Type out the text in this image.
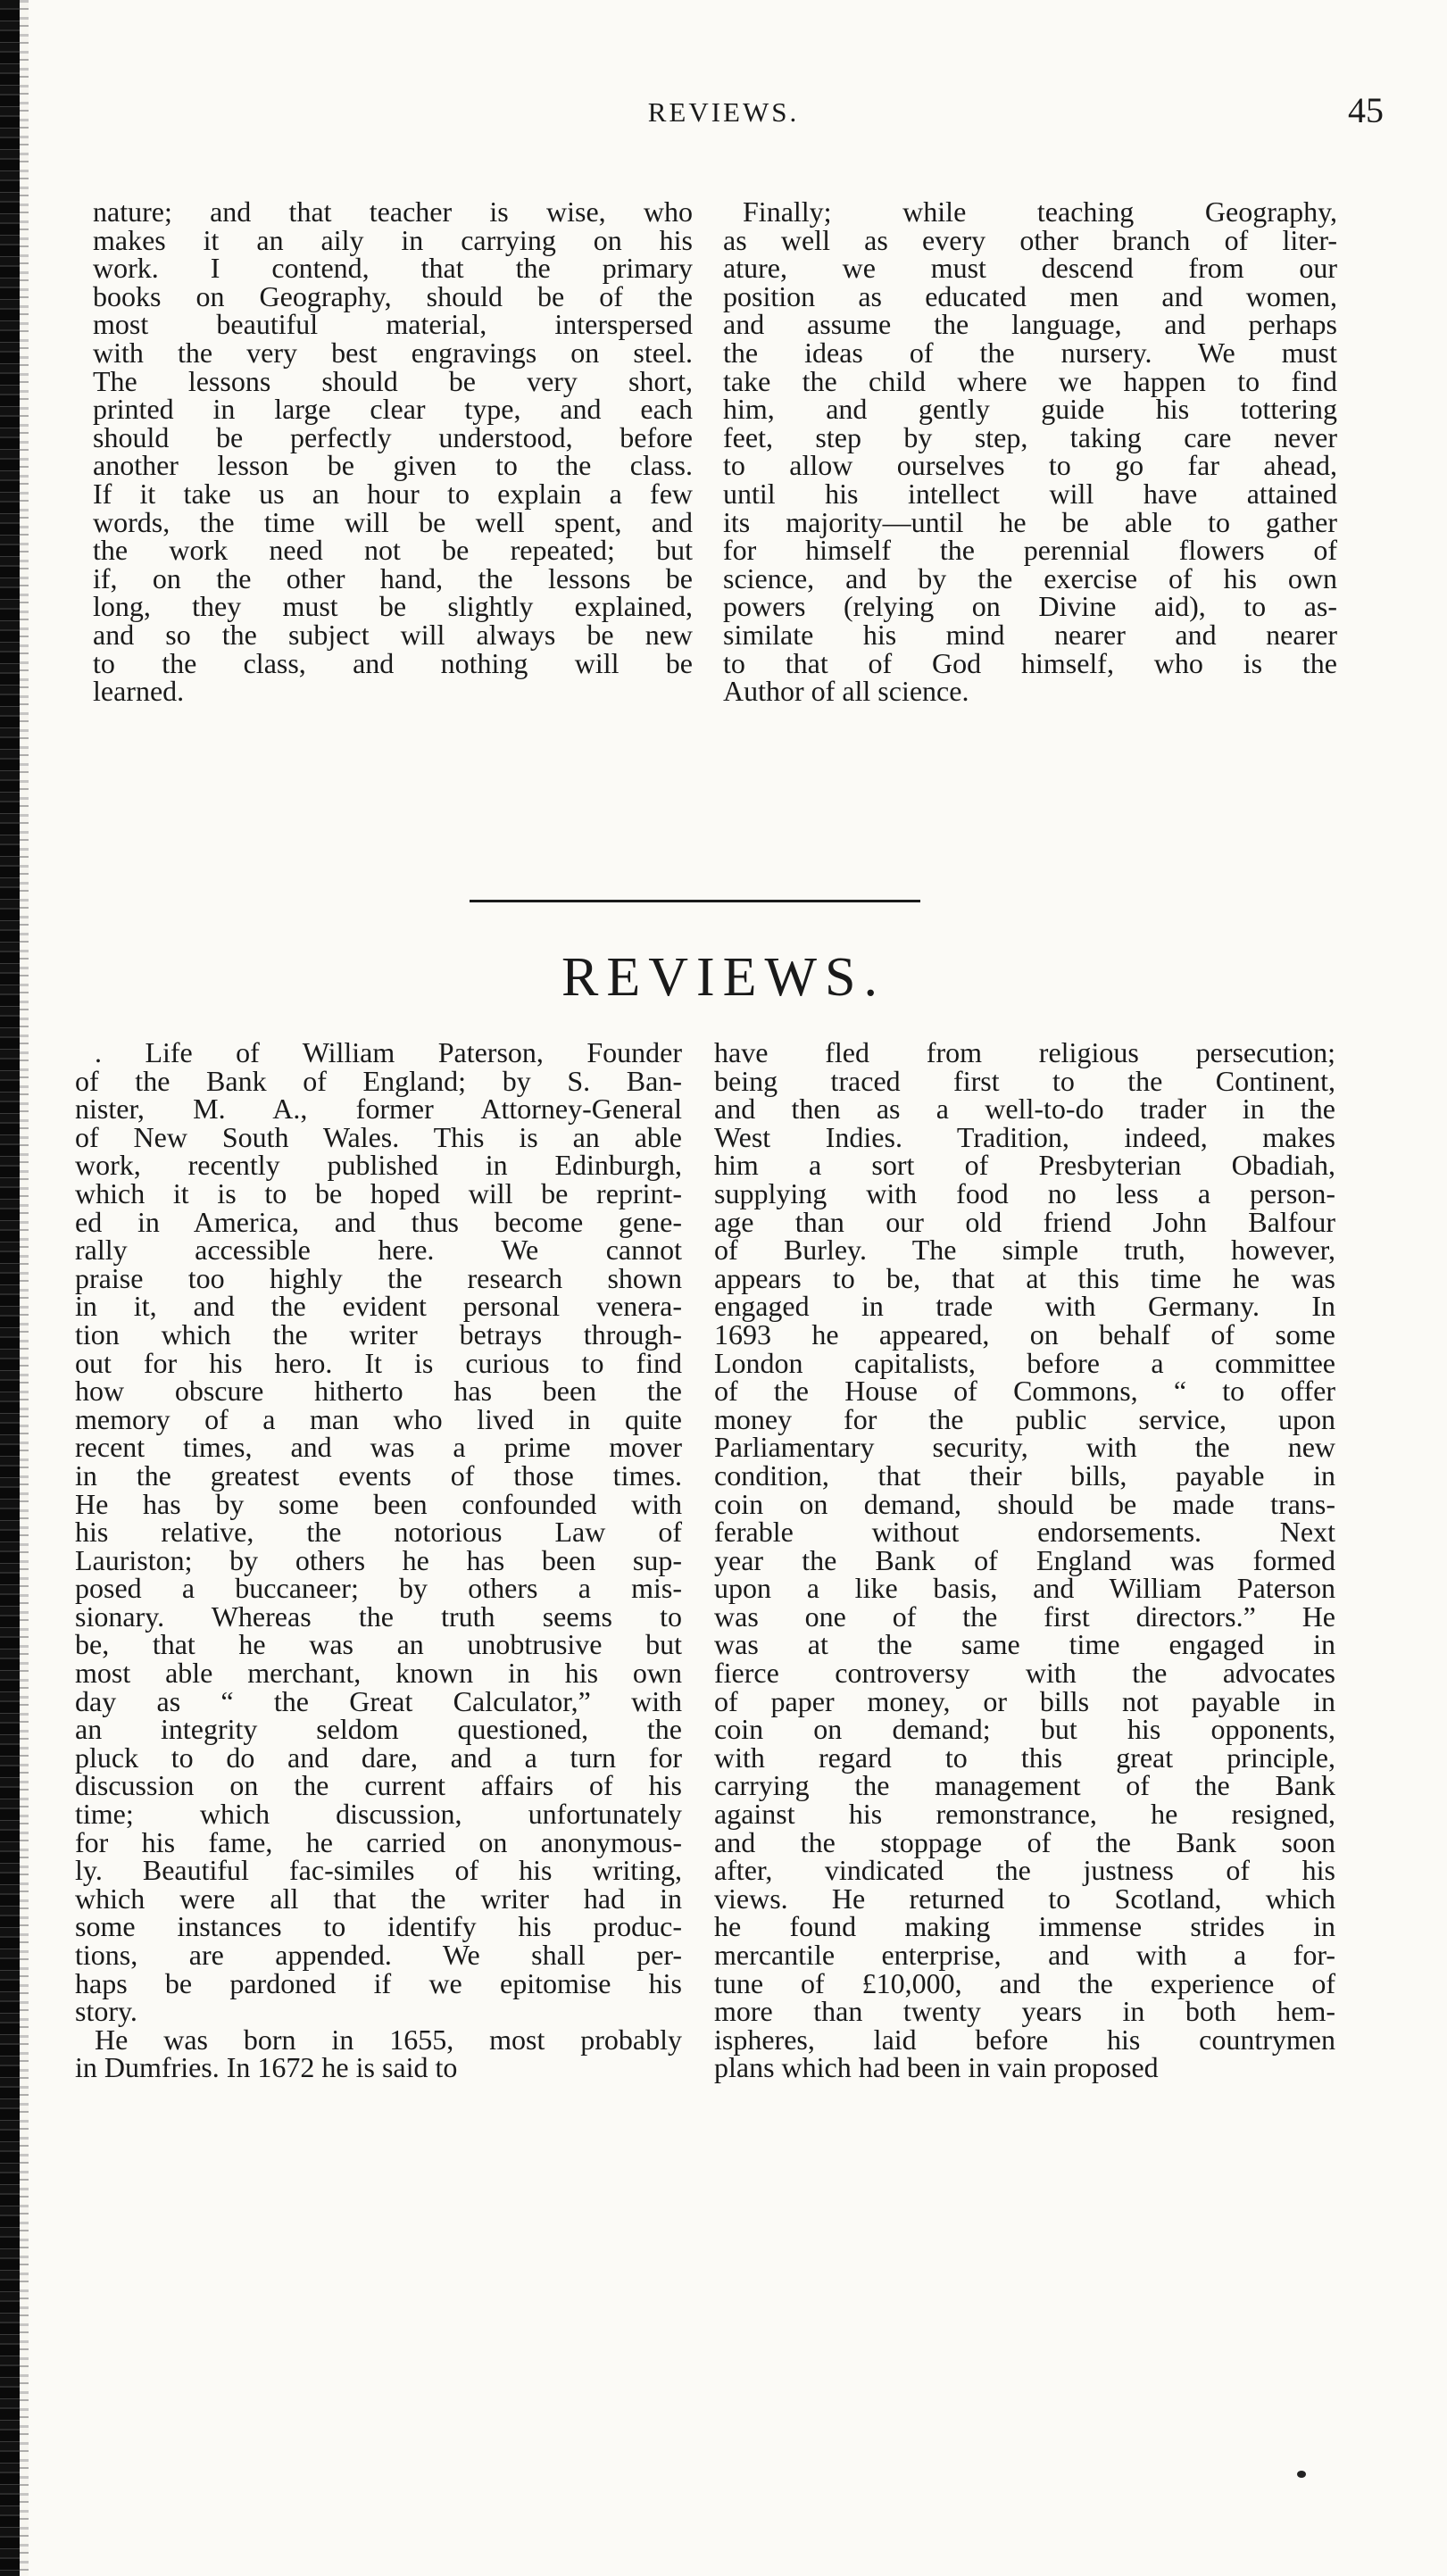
REVIEWS.	45
nature; and that teacher is wise, who
makes it an aily in carrying on his
work. I contend, that the primary
books on Geography, should be of the
most beautiful material, interspersed
with the very best engravings on steel.
The lessons should be very short,
printed in large clear type, and each
should be perfectly understood, before
another lesson be given to the class.
If it take us an hour to explain a few
words, the time will be well spent, and
the work need not be repeated; but
if, on the other hand, the lessons be
long, they must be slightly explained,
and so the subject will always be new
to the class, and nothing will be
learned.
Finally; while teaching Geography,
as well as every other branch of liter-
ature, we must descend from our
position as educated men and women,
and assume the language, and perhaps
the ideas of the nursery. We must
take the child where we happen to find
him, and gently guide his tottering
feet, step by step, taking care never
to allow ourselves to go far ahead,
until his intellect will have attained
its majority—until he be able to gather
for himself the perennial flowers of
science, and by the exercise of his own
powers (relying on Divine aid), to as-
similate his mind nearer and nearer
to that of God himself, who is the
Author of all science.
REVIEWS.
. Life of William Paterson, Founder
of the Bank of England; by S. Ban-
nister, M. A., former Attorney-General
of New South Wales. This is an able
work, recently published in Edinburgh,
which it is to be hoped will be reprint-
ed in America, and thus become gene-
rally accessible here. We cannot
praise too highly the research shown
in it, and the evident personal venera-
tion which the writer betrays through-
out for his hero. It is curious to find
how obscure hitherto has been the
memory of a man who lived in quite
recent times, and was a prime mover
in the greatest events of those times.
He has by some been confounded with
his relative, the notorious Law of
Lauriston; by others he has been sup-
posed a buccaneer; by others a mis-
sionary. Whereas the truth seems to
be, that he was an unobtrusive but
most able merchant, known in his own
day as “ the Great Calculator,” with
an integrity seldom questioned, the
pluck to do and dare, and a turn for
discussion on the current affairs of his
time; which discussion, unfortunately
for his fame, he carried on anonymous-
ly. Beautiful fac-similes of his writing,
which were all that the writer had in
some instances to identify his produc-
tions, are appended. We shall per-
haps be pardoned if we epitomise his
story.
He was born in 1655, most probably
in Dumfries. In 1672 he is said to
have fled from religious persecution;
being traced first to the Continent,
and then as a well-to-do trader in the
West Indies. Tradition, indeed, makes
him a sort of Presbyterian Obadiah,
supplying with food no less a person-
age than our old friend John Balfour
of Burley. The simple truth, however,
appears to be, that at this time he was
engaged in trade with Germany. In
1693 he appeared, on behalf of some
London capitalists, before a committee
of the House of Commons, “ to offer
money for the public service, upon
Parliamentary security, with the new
condition, that their bills, payable in
coin on demand, should be made trans-
ferable without endorsements. Next
year the Bank of England was formed
upon a like basis, and William Paterson
was one of the first directors.” He
was at the same time engaged in
fierce controversy with the advocates
of paper money, or bills not payable in
coin on demand; but his opponents,
with regard to this great principle,
carrying the management of the Bank
against his remonstrance, he resigned,
and the stoppage of the Bank soon
after, vindicated the justness of his
views. He returned to Scotland, which
he found making immense strides in
mercantile enterprise, and with a for-
tune of £10,000, and the experience of
more than twenty years in both hem-
ispheres, laid before his countrymen
plans which had been in vain proposed
